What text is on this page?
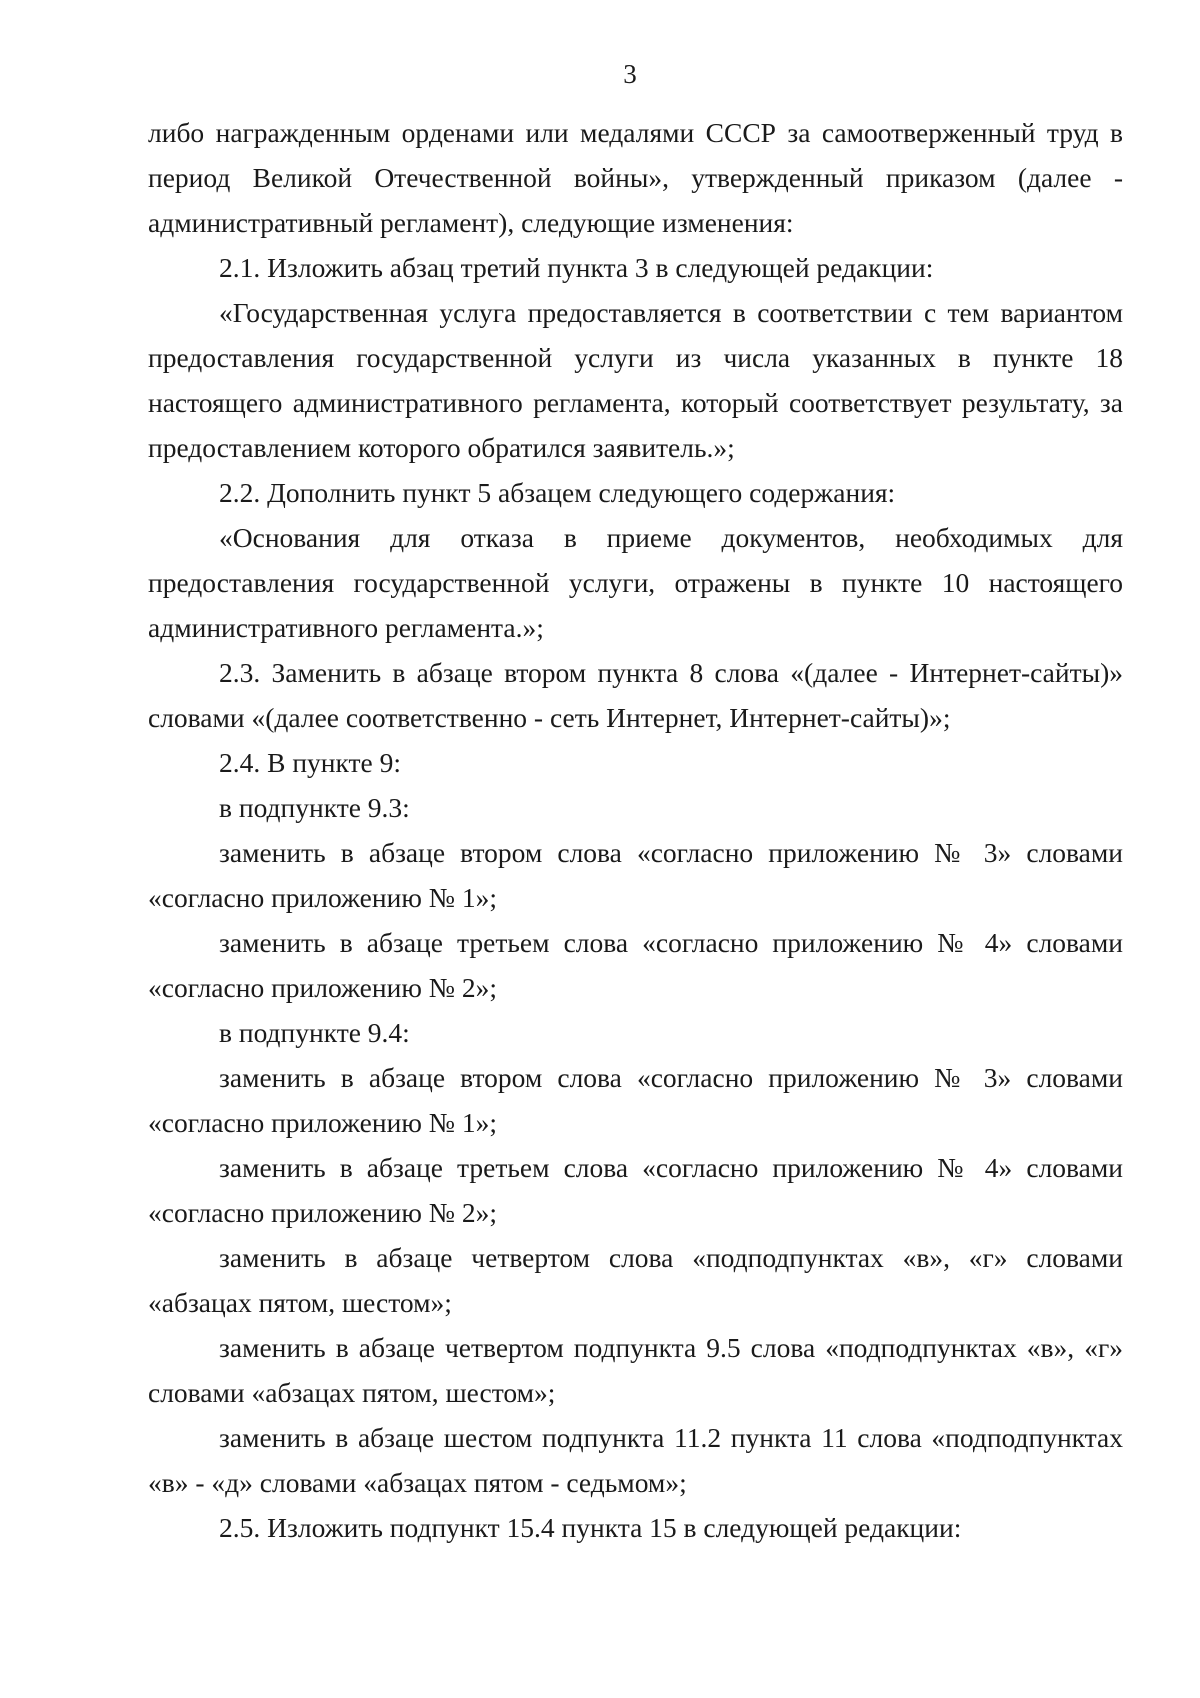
3

либо награжденным орденами или медалями СССР за самоотверженный труд в период Великой Отечественной войны», утвержденный приказом (далее - административный регламент), следующие изменения:

2.1. Изложить абзац третий пункта 3 в следующей редакции:

«Государственная услуга предоставляется в соответствии с тем вариантом предоставления государственной услуги из числа указанных в пункте 18 настоящего административного регламента, который соответствует результату, за предоставлением которого обратился заявитель.»;

2.2. Дополнить пункт 5 абзацем следующего содержания:

«Основания для отказа в приеме документов, необходимых для предоставления государственной услуги, отражены в пункте 10 настоящего административного регламента.»;

2.3. Заменить в абзаце втором пункта 8 слова «(далее - Интернет-сайты)» словами «(далее соответственно - сеть Интернет, Интернет-сайты)»;

2.4. В пункте 9:

в подпункте 9.3:

заменить в абзаце втором слова «согласно приложению № 3» словами «согласно приложению № 1»;

заменить в абзаце третьем слова «согласно приложению № 4» словами «согласно приложению № 2»;

в подпункте 9.4:

заменить в абзаце втором слова «согласно приложению № 3» словами «согласно приложению № 1»;

заменить в абзаце третьем слова «согласно приложению № 4» словами «согласно приложению № 2»;

заменить в абзаце четвертом слова «подподпунктах «в», «г» словами «абзацах пятом, шестом»;

заменить в абзаце четвертом подпункта 9.5 слова «подподпунктах «в», «г» словами «абзацах пятом, шестом»;

заменить в абзаце шестом подпункта 11.2 пункта 11 слова «подподпунктах «в» - «д» словами «абзацах пятом - седьмом»;

2.5. Изложить подпункт 15.4 пункта 15 в следующей редакции:
